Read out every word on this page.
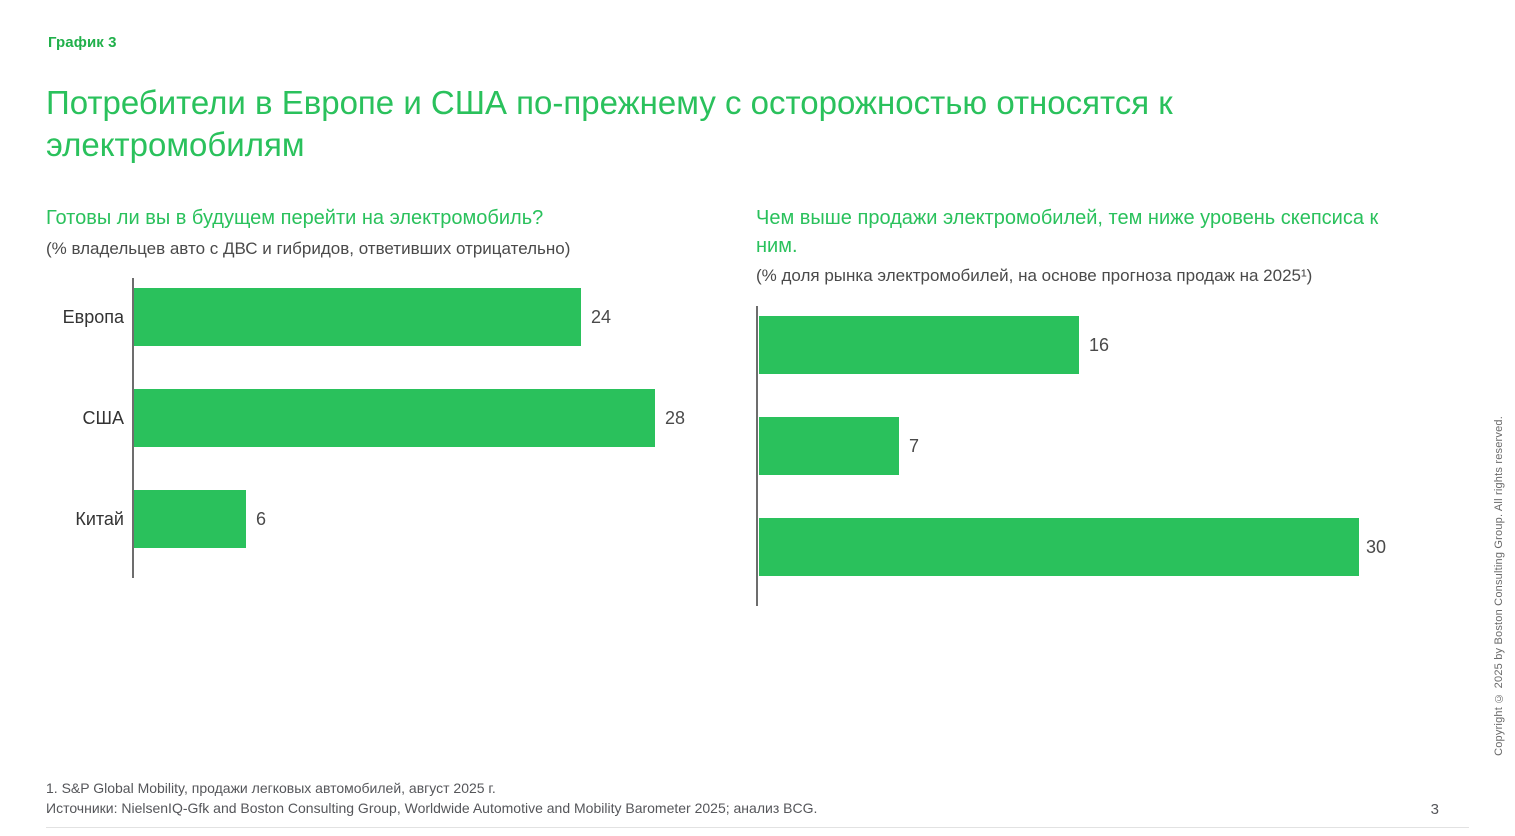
График 3
Потребители в Европе и США по-прежнему с осторожностью относятся к электромобилям

Готовы ли вы в будущем перейти на электромобиль?

(% владельцев авто с ДВС и гибридов, ответивших отрицательно)

Европа	24
США	28
Китай	6

Чем выше продажи электромобилей, тем ниже уровень скепсиса к ним.

(% доля рынка электромобилей, на основе прогноза продаж на 2025¹)

16
7
30
1. S&P Global Mobility, продажи легковых автомобилей, август 2025 г.
Источники: NielsenIQ-Gfk and Boston Consulting Group, Worldwide Automotive and Mobility Barometer 2025; анализ BCG.	3
Copyright © 2025 by Boston Consulting Group. All rights reserved.
